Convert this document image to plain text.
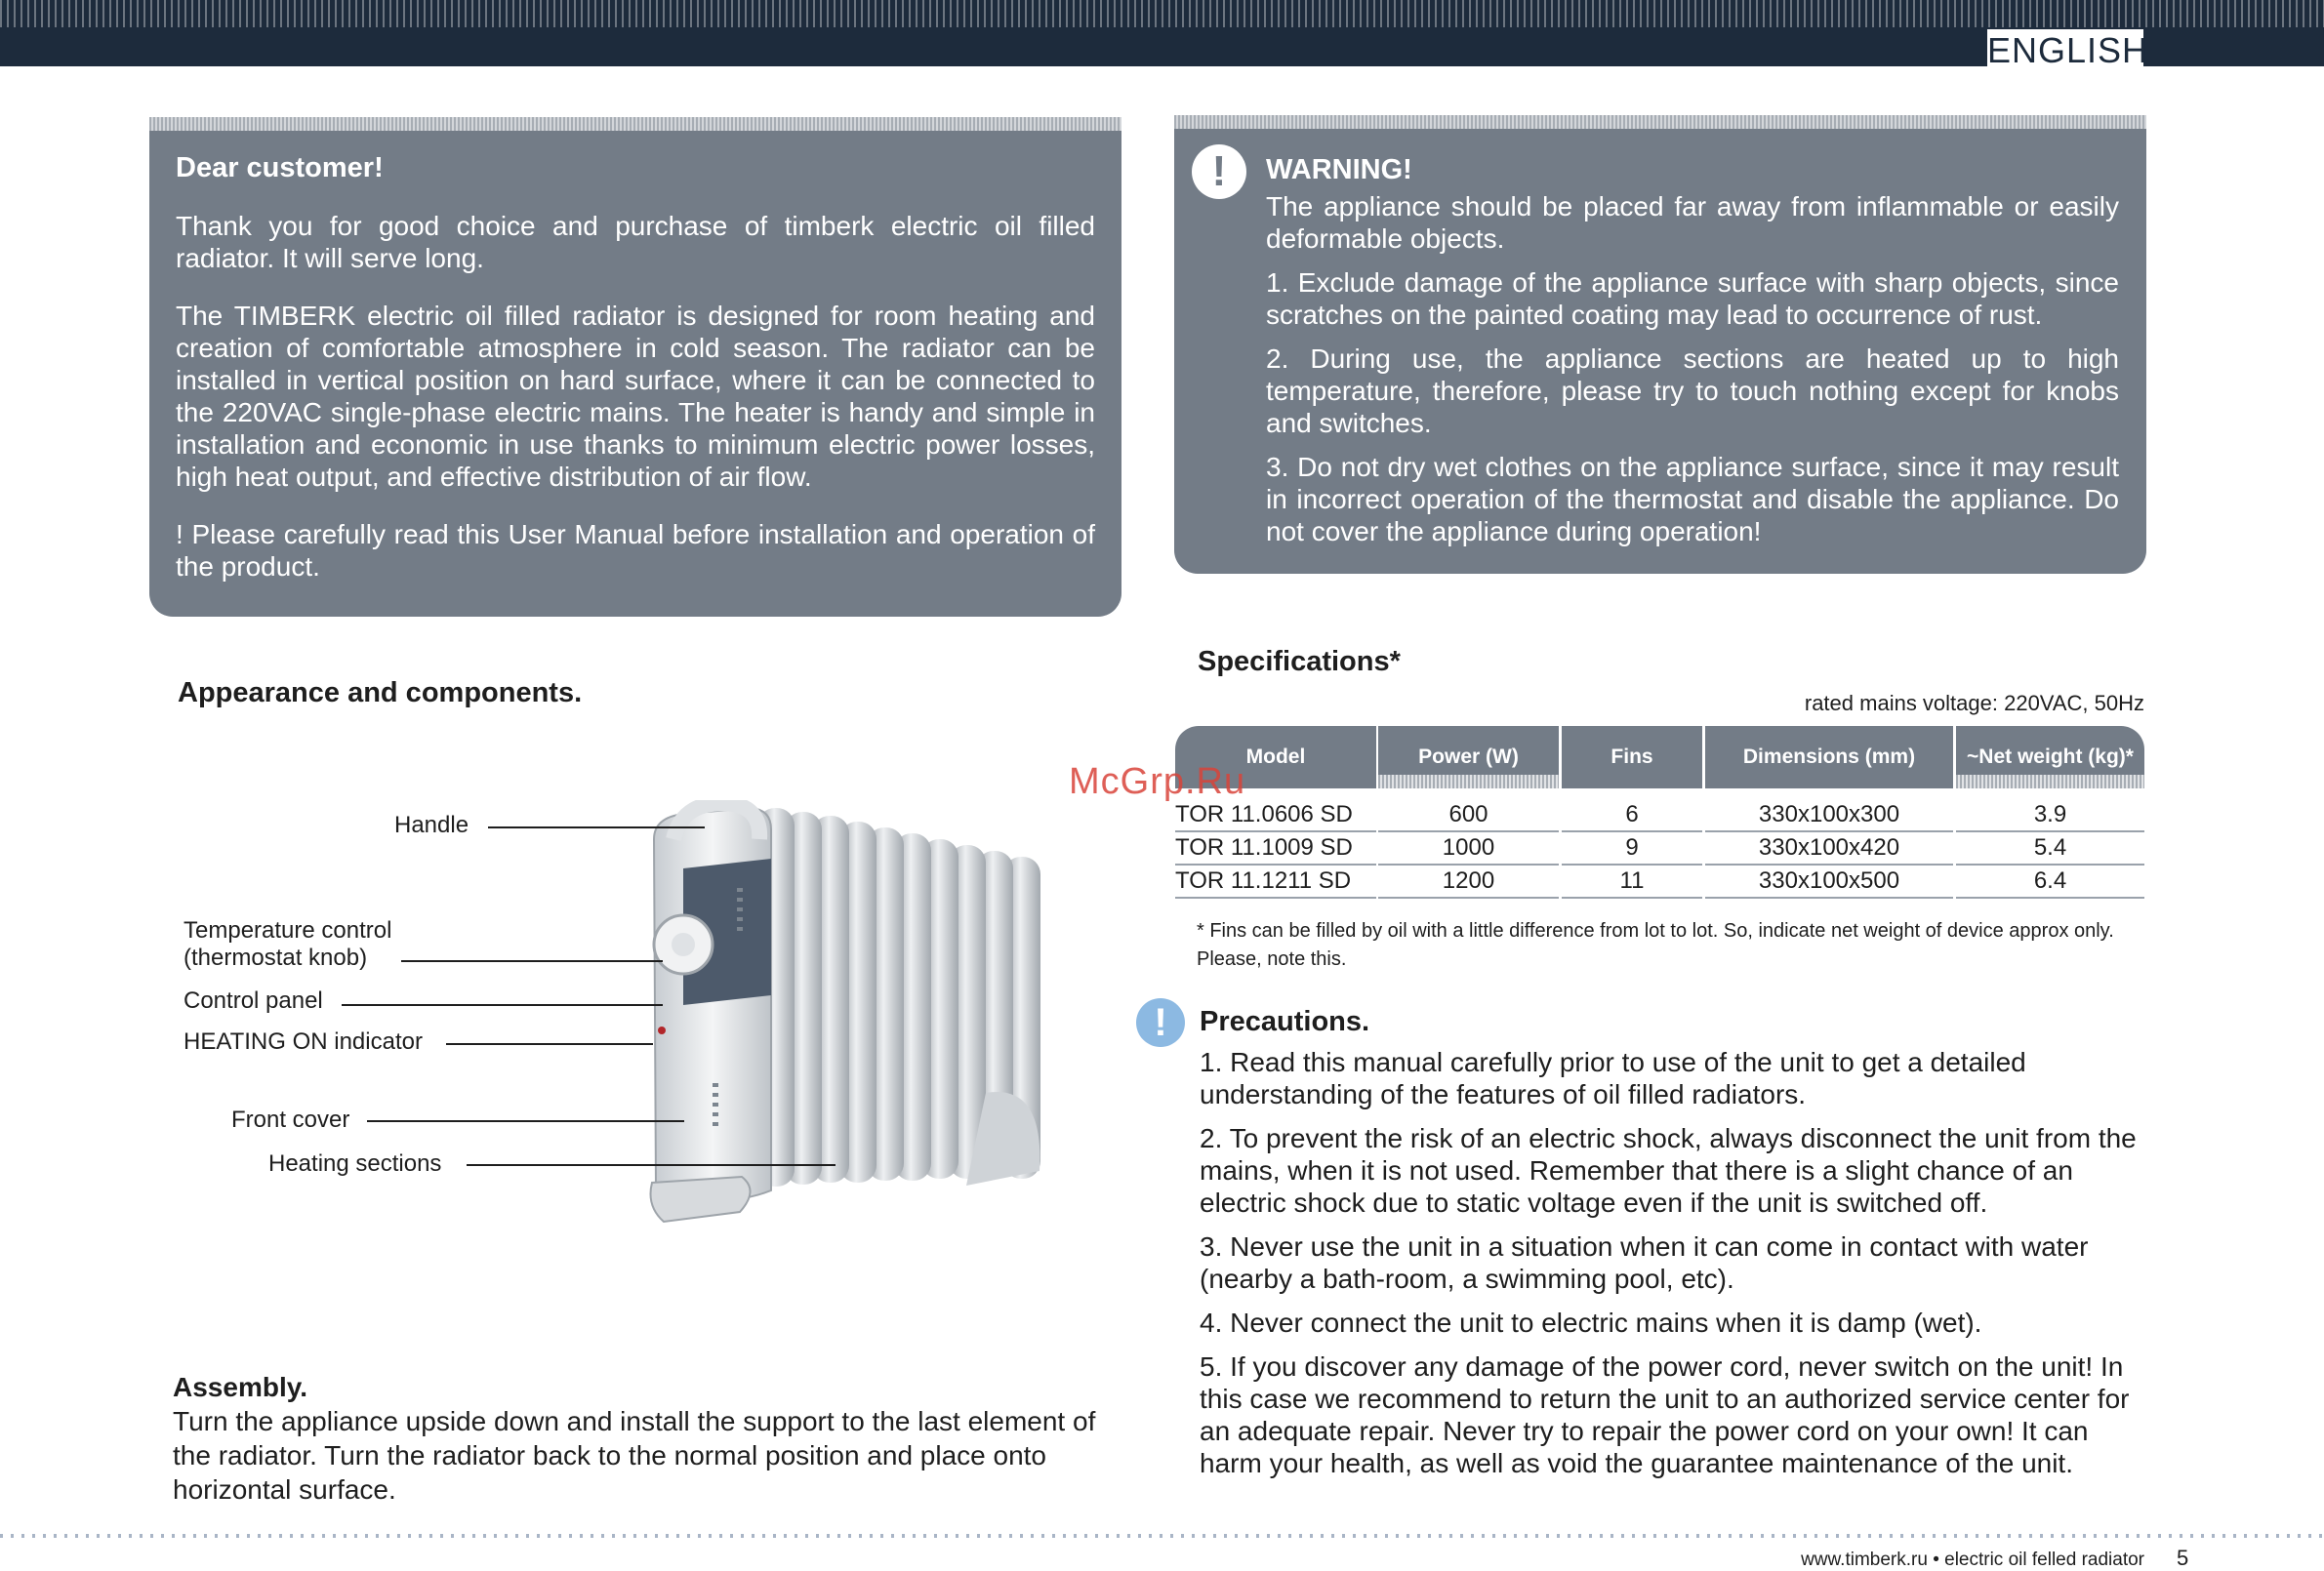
ENGLISH

Dear customer!

Thank you for good choice and purchase of timberk electric oil filled radiator. It will serve long.

The TIMBERK electric oil filled radiator is designed for room heating and creation of comfortable atmosphere in cold season. The radiator can be installed in vertical position on hard surface, where it can be connected to the 220VAC single-phase electric mains. The heater is handy and simple in installation and economic in use thanks to minimum electric power losses, high heat output, and effective distribution of air flow.

! Please carefully read this User Manual before installation and operation of the product.

WARNING!

The appliance should be placed far away from inflammable or easily deformable objects.

1. Exclude damage of the appliance surface with sharp objects, since scratches on the painted coating may lead to occurrence of rust.

2. During use, the appliance sections are heated up to high temperature, therefore, please try to touch nothing except for knobs and switches.

3. Do not dry wet clothes on the appliance surface, since it may result in incorrect operation of the thermostat and disable the appliance. Do not cover the appliance during operation!

!
Appearance and components.
Handle
Temperature control
(thermostat knob)
Control panel
HEATING ON indicator
Front cover
Heating sections

Assembly.

Turn the appliance upside down and install the support to the last element of the radiator. Turn the radiator back to the normal position and place onto horizontal surface.

Specifications*
rated mains voltage: 220VAC, 50Hz
Model	Power (W)	Fins	Dimensions (mm)	~Net weight (kg)*
TOR 11.0606 SD	600	6	330x100x300	3.9
TOR 11.1009 SD	1000	9	330x100x420	5.4
TOR 11.1211 SD	1200	11	330x100x500	6.4
* Fins can be filled by oil with a little difference from lot to lot. So, indicate net weight of device approx only. Please, note this.
McGrp.Ru
!	Precautions.

1. Read this manual carefully prior to use of the unit to get a detailed understanding of the features of oil filled radiators.

2. To prevent the risk of an electric shock, always disconnect the unit from the mains, when it is not used. Remember that there is a slight chance of an electric shock due to static voltage even if the unit is switched off.

3. Never use the unit in a situation when it can come in contact with water (nearby a bath-room, a swimming pool, etc).

4. Never connect the unit to electric mains when it is damp (wet).

5. If you discover any damage of the power cord, never switch on the unit! In this case we recommend to return the unit to an authorized service center for an adequate repair. Never try to repair the power cord on your own! It can harm your health, as well as void the guarantee maintenance of the unit.

www.timberk.ru • electric oil felled radiator 5
